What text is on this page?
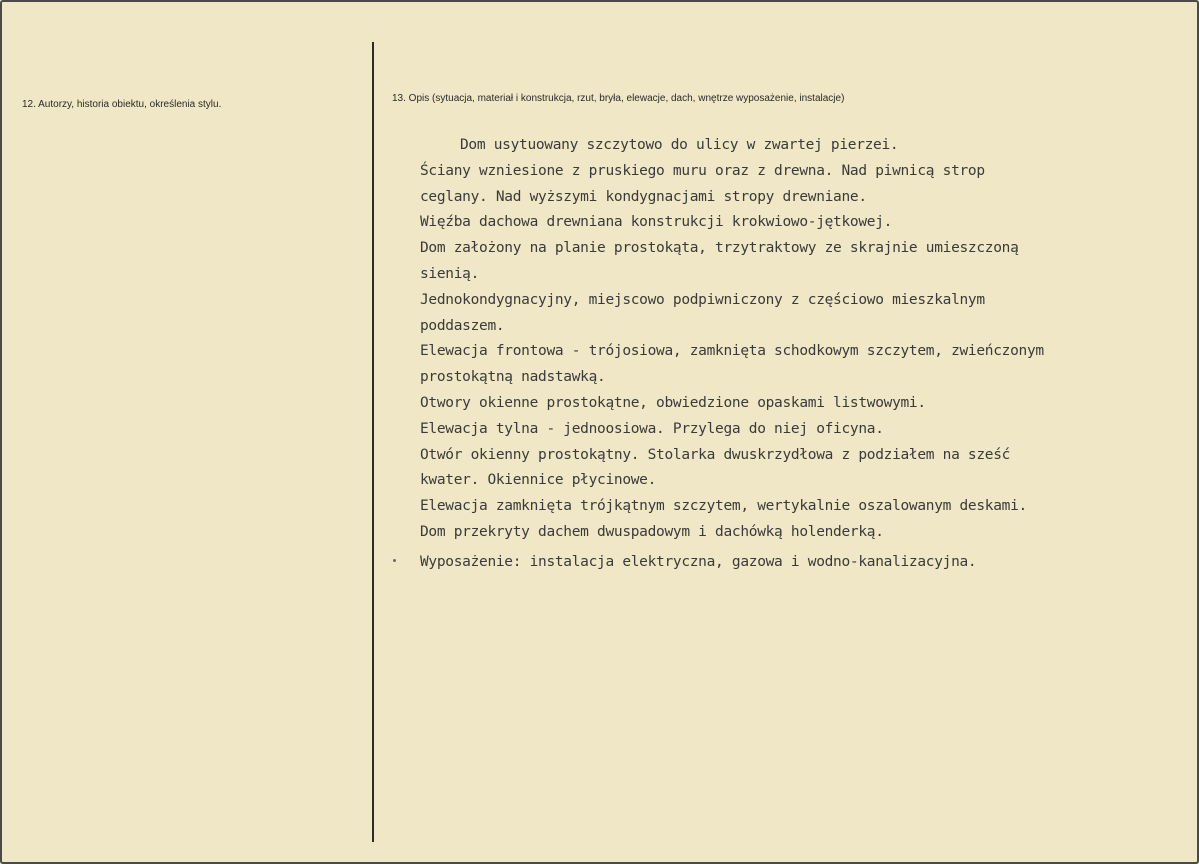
12. Autorzy, historia obiektu, określenia stylu.
13. Opis (sytuacja, materiał i konstrukcja, rzut, bryła, elewacje, dach, wnętrze wyposażenie, instalacje)
Dom usytuowany szczytowo do ulicy w zwartej pierzei.
Ściany wzniesione z pruskiego muru oraz z drewna. Nad piwnicą strop
ceglany. Nad wyższymi kondygnacjami stropy drewniane.
Więźba dachowa drewniana konstrukcji krokwiowo-jętkowej.
Dom założony na planie prostokąta, trzytraktowy ze skrajnie umieszczoną
sienią.
Jednokondygnacyjny, miejscowo podpiwniczony z częściowo mieszkalnym
poddaszem.
Elewacja frontowa - trójosiowa, zamknięta schodkowym szczytem, zwieńczonym
prostokątną nadstawką.
Otwory okienne prostokątne, obwiedzione opaskami listwowymi.
Elewacja tylna - jednoosiowa. Przylega do niej oficyna.
Otwór okienny prostokątny. Stolarka dwuskrzydłowa z podziałem na sześć
kwater. Okiennice płycinowe.
Elewacja zamknięta trójkątnym szczytem, wertykalnie oszalowanym deskami.
Dom przekryty dachem dwuspadowym i dachówką holenderką.
Wyposażenie: instalacja elektryczna, gazowa i wodno-kanalizacyjna.
